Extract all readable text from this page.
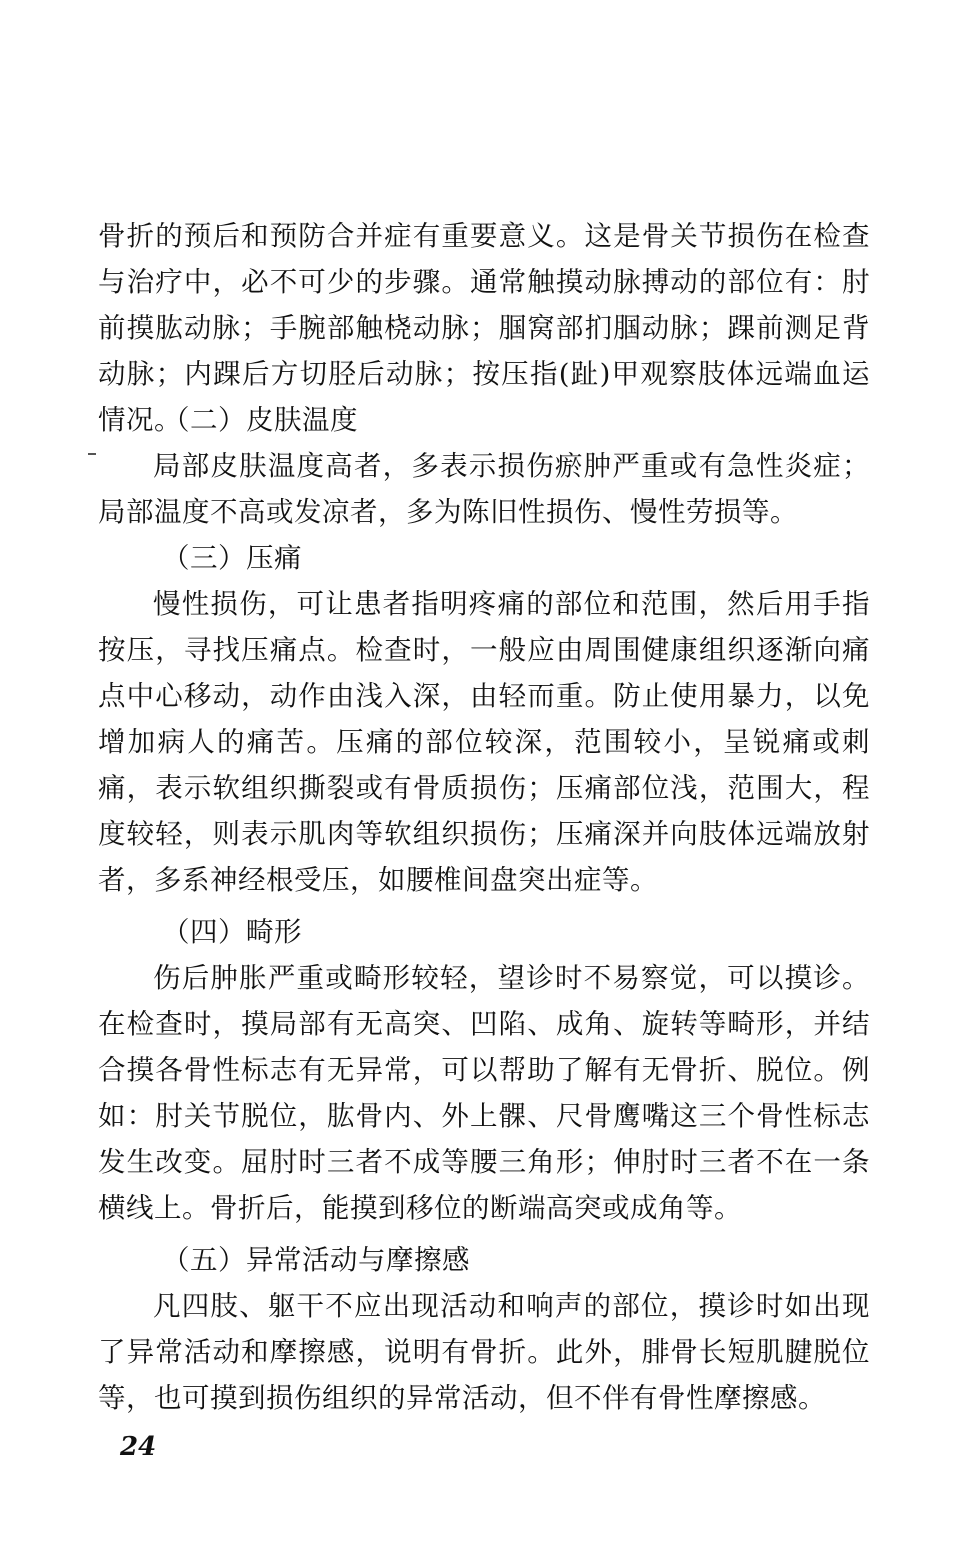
骨折的预后和预防合并症有重要意义。这是骨关节损伤在检查与治疗中，必不可少的步骤。通常触摸动脉搏动的部位有：肘前摸肱动脉；手腕部触桡动脉；腘窝部扪腘动脉；踝前测足背动脉；内踝后方切胫后动脉；按压指(趾)甲观察肢体远端血运情况。

（二）皮肤温度

局部皮肤温度高者，多表示损伤瘀肿严重或有急性炎症；局部温度不高或发凉者，多为陈旧性损伤、慢性劳损等。

（三）压痛

慢性损伤，可让患者指明疼痛的部位和范围，然后用手指按压，寻找压痛点。检查时，一般应由周围健康组织逐渐向痛点中心移动，动作由浅入深，由轻而重。防止使用暴力，以免增加病人的痛苦。压痛的部位较深，范围较小，呈锐痛或刺痛，表示软组织撕裂或有骨质损伤；压痛部位浅，范围大，程度较轻，则表示肌肉等软组织损伤；压痛深并向肢体远端放射者，多系神经根受压，如腰椎间盘突出症等。

（四）畸形

伤后肿胀严重或畸形较轻，望诊时不易察觉，可以摸诊。在检查时，摸局部有无高突、凹陷、成角、旋转等畸形，并结合摸各骨性标志有无异常，可以帮助了解有无骨折、脱位。例如：肘关节脱位，肱骨内、外上髁、尺骨鹰嘴这三个骨性标志发生改变。屈肘时三者不成等腰三角形；伸肘时三者不在一条横线上。骨折后，能摸到移位的断端高突或成角等。

（五）异常活动与摩擦感

凡四肢、躯干不应出现活动和响声的部位，摸诊时如出现了异常活动和摩擦感，说明有骨折。此外，腓骨长短肌腱脱位等，也可摸到损伤组织的异常活动，但不伴有骨性摩擦感。

24
